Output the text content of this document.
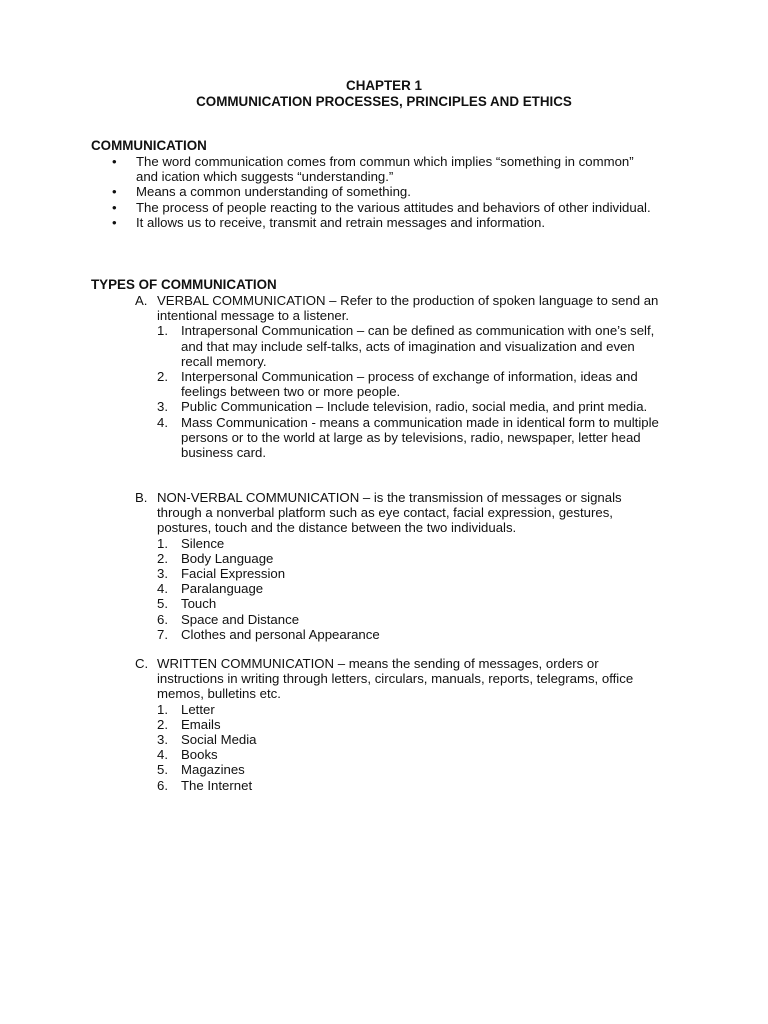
CHAPTER 1
COMMUNICATION PROCESSES, PRINCIPLES AND ETHICS
COMMUNICATION
•	The word communication comes from commun which implies “something in common” and ication which suggests “understanding.”
•	Means a common understanding of something.
•	The process of people reacting to the various attitudes and behaviors of other individual.
•	It allows us to receive, transmit and retrain messages and information.
TYPES OF COMMUNICATION
A. VERBAL COMMUNICATION – Refer to the production of spoken language to send an intentional message to a listener.
1. Intrapersonal Communication – can be defined as communication with one’s self, and that may include self-talks, acts of imagination and visualization and even recall memory.
2. Interpersonal Communication – process of exchange of information, ideas and feelings between two or more people.
3. Public Communication – Include television, radio, social media, and print media.
4. Mass Communication - means a communication made in identical form to multiple persons or to the world at large as by televisions, radio, newspaper, letter head business card.
B. NON-VERBAL COMMUNICATION – is the transmission of messages or signals through a nonverbal platform such as eye contact, facial expression, gestures, postures, touch and the distance between the two individuals.
1. Silence
2. Body Language
3. Facial Expression
4. Paralanguage
5. Touch
6. Space and Distance
7. Clothes and personal Appearance
C. WRITTEN COMMUNICATION – means the sending of messages, orders or instructions in writing through letters, circulars, manuals, reports, telegrams, office memos, bulletins etc.
1. Letter
2. Emails
3. Social Media
4. Books
5. Magazines
6. The Internet
